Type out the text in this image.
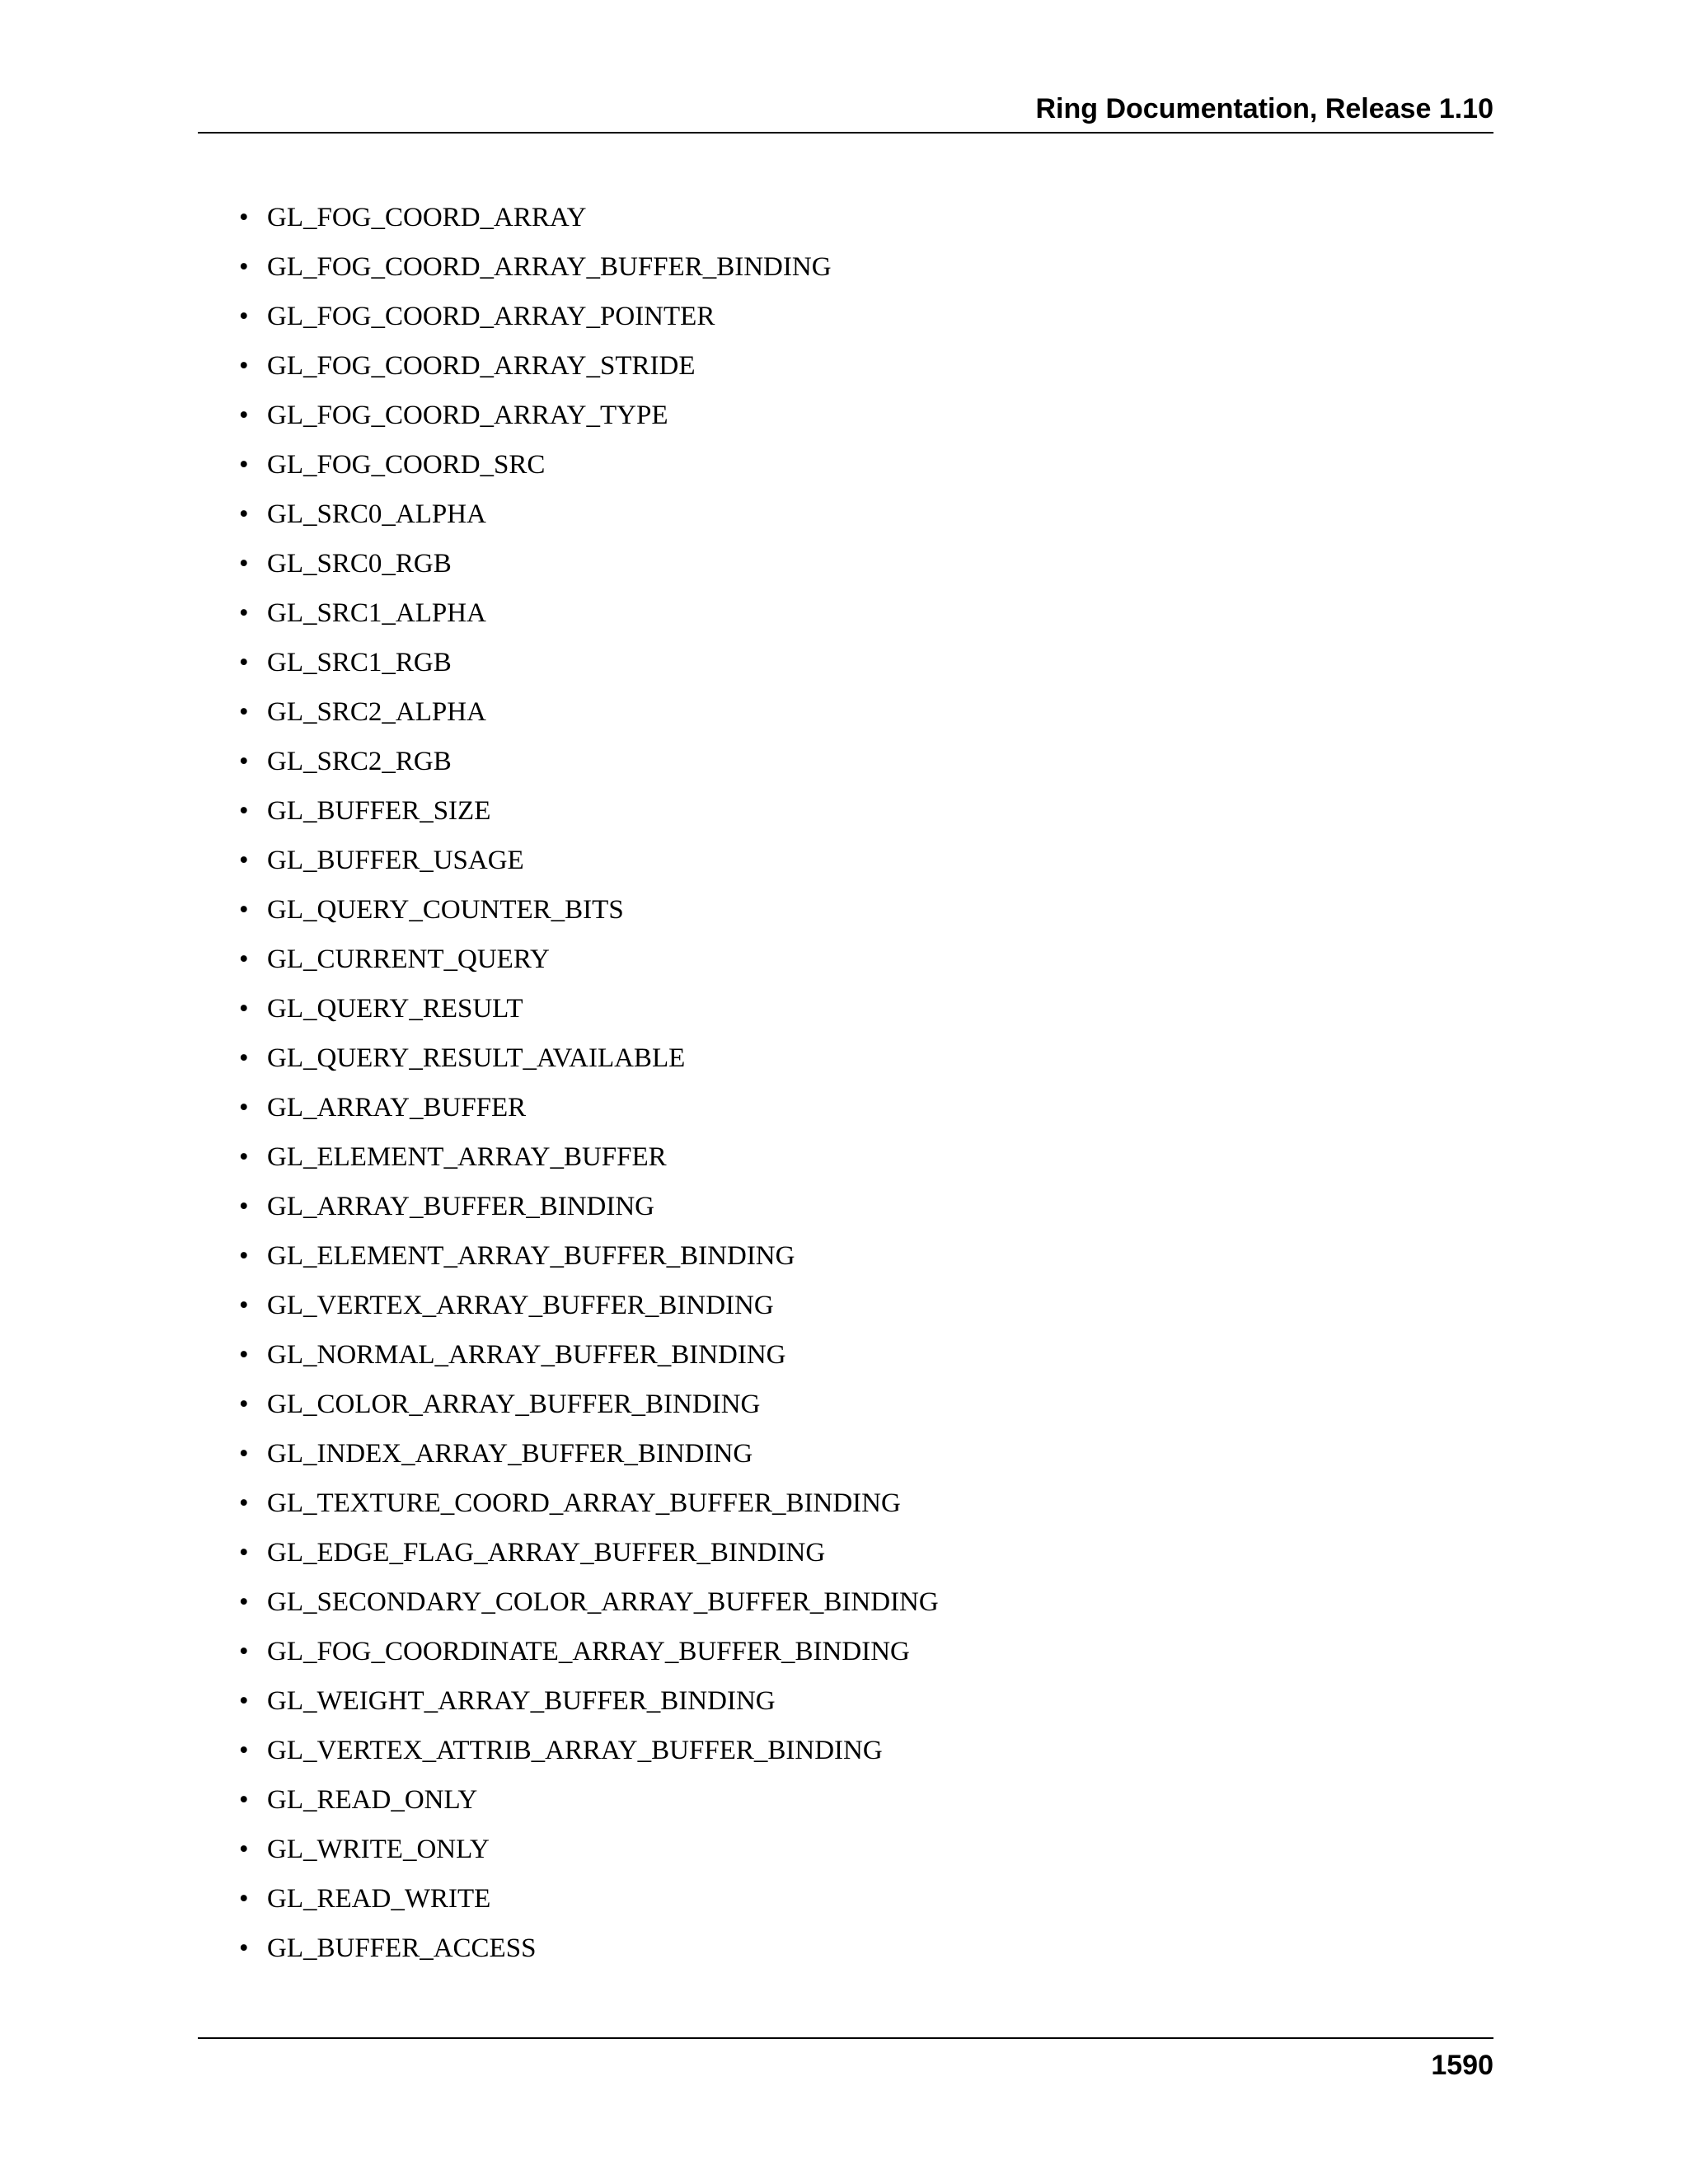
Ring Documentation, Release 1.10
• GL_FOG_COORD_ARRAY
• GL_FOG_COORD_ARRAY_BUFFER_BINDING
• GL_FOG_COORD_ARRAY_POINTER
• GL_FOG_COORD_ARRAY_STRIDE
• GL_FOG_COORD_ARRAY_TYPE
• GL_FOG_COORD_SRC
• GL_SRC0_ALPHA
• GL_SRC0_RGB
• GL_SRC1_ALPHA
• GL_SRC1_RGB
• GL_SRC2_ALPHA
• GL_SRC2_RGB
• GL_BUFFER_SIZE
• GL_BUFFER_USAGE
• GL_QUERY_COUNTER_BITS
• GL_CURRENT_QUERY
• GL_QUERY_RESULT
• GL_QUERY_RESULT_AVAILABLE
• GL_ARRAY_BUFFER
• GL_ELEMENT_ARRAY_BUFFER
• GL_ARRAY_BUFFER_BINDING
• GL_ELEMENT_ARRAY_BUFFER_BINDING
• GL_VERTEX_ARRAY_BUFFER_BINDING
• GL_NORMAL_ARRAY_BUFFER_BINDING
• GL_COLOR_ARRAY_BUFFER_BINDING
• GL_INDEX_ARRAY_BUFFER_BINDING
• GL_TEXTURE_COORD_ARRAY_BUFFER_BINDING
• GL_EDGE_FLAG_ARRAY_BUFFER_BINDING
• GL_SECONDARY_COLOR_ARRAY_BUFFER_BINDING
• GL_FOG_COORDINATE_ARRAY_BUFFER_BINDING
• GL_WEIGHT_ARRAY_BUFFER_BINDING
• GL_VERTEX_ATTRIB_ARRAY_BUFFER_BINDING
• GL_READ_ONLY
• GL_WRITE_ONLY
• GL_READ_WRITE
• GL_BUFFER_ACCESS
1590
